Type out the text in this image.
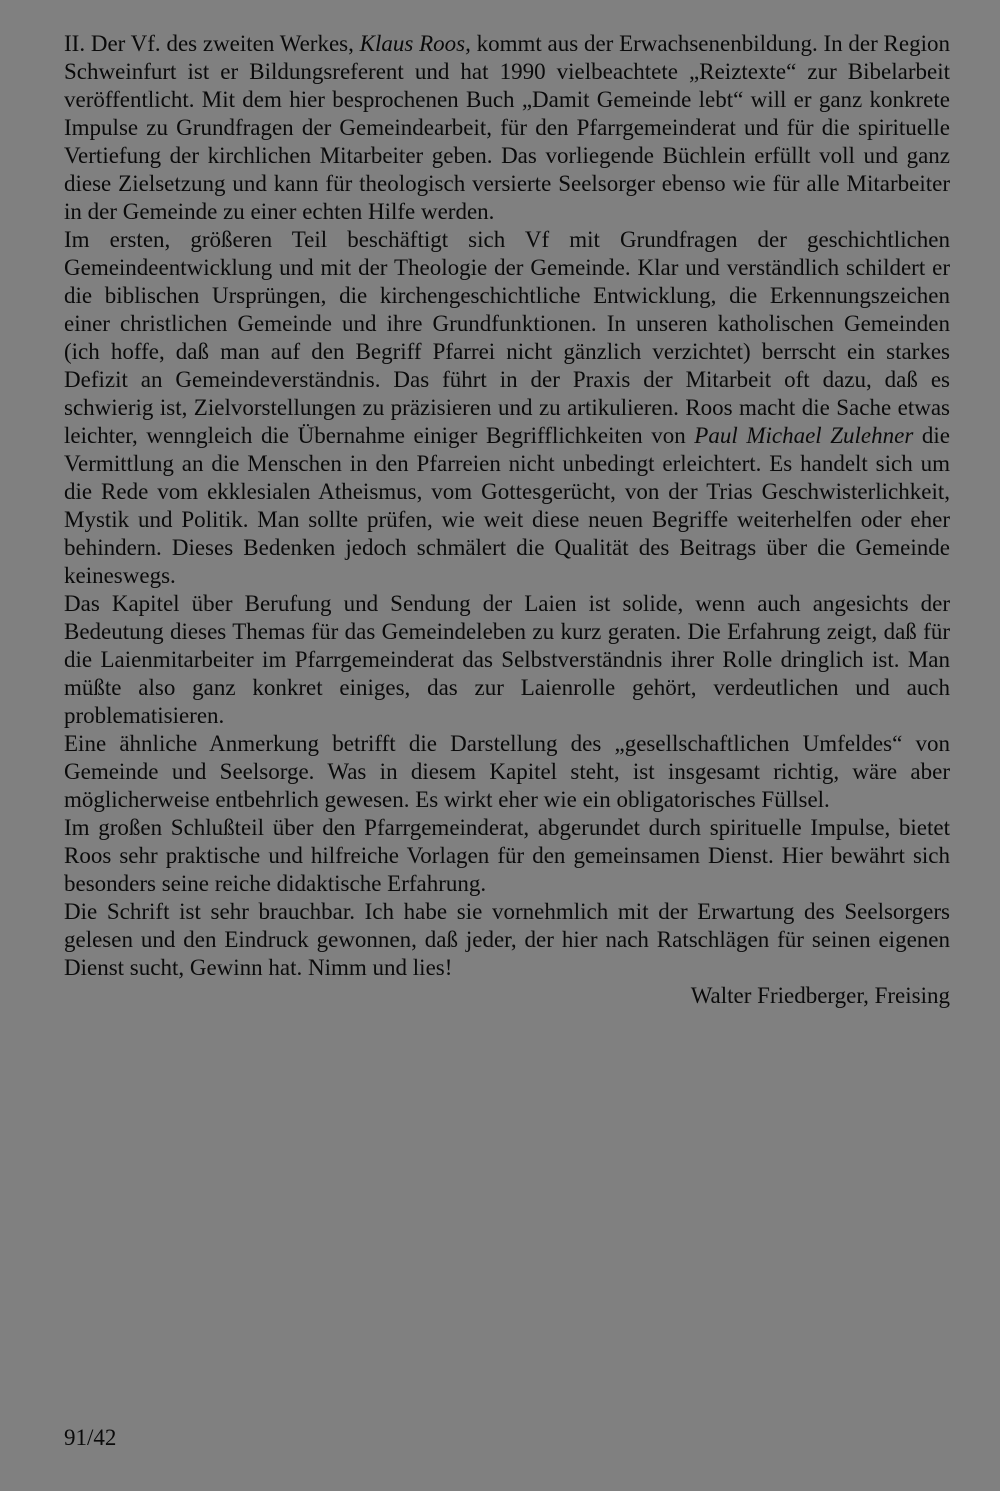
II. Der Vf. des zweiten Werkes, Klaus Roos, kommt aus der Erwachsenenbildung. In der Region Schweinfurt ist er Bildungsreferent und hat 1990 vielbeachtete „Reiztexte“ zur Bibelarbeit veröffentlicht. Mit dem hier besprochenen Buch „Damit Gemeinde lebt“ will er ganz konkrete Impulse zu Grundfragen der Gemeindearbeit, für den Pfarrgemeinderat und für die spirituelle Vertiefung der kirchlichen Mitarbeiter geben. Das vorliegende Büchlein erfüllt voll und ganz diese Zielsetzung und kann für theologisch versierte Seelsorger ebenso wie für alle Mitarbeiter in der Gemeinde zu einer echten Hilfe werden.

Im ersten, größeren Teil beschäftigt sich Vf mit Grundfragen der geschichtlichen Gemeindeentwicklung und mit der Theologie der Gemeinde. Klar und verständlich schildert er die biblischen Ursprüngen, die kirchengeschichtliche Entwicklung, die Erkennungszeichen einer christlichen Gemeinde und ihre Grundfunktionen. In unseren katholischen Gemeinden (ich hoffe, daß man auf den Begriff Pfarrei nicht gänzlich verzichtet) berrscht ein starkes Defizit an Gemeindeverständnis. Das führt in der Praxis der Mitarbeit oft dazu, daß es schwierig ist, Zielvorstellungen zu präzisieren und zu artikulieren. Roos macht die Sache etwas leichter, wenngleich die Übernahme einiger Begrifflichkeiten von Paul Michael Zulehner die Vermittlung an die Menschen in den Pfarreien nicht unbedingt erleichtert. Es handelt sich um die Rede vom ekklesialen Atheismus, vom Gottesgerücht, von der Trias Geschwisterlichkeit, Mystik und Politik. Man sollte prüfen, wie weit diese neuen Begriffe weiterhelfen oder eher behindern. Dieses Bedenken jedoch schmälert die Qualität des Beitrags über die Gemeinde keineswegs.

Das Kapitel über Berufung und Sendung der Laien ist solide, wenn auch angesichts der Bedeutung dieses Themas für das Gemeindeleben zu kurz geraten. Die Erfahrung zeigt, daß für die Laienmitarbeiter im Pfarrgemeinderat das Selbstverständnis ihrer Rolle dringlich ist. Man müßte also ganz konkret einiges, das zur Laienrolle gehört, verdeutlichen und auch problematisieren.

Eine ähnliche Anmerkung betrifft die Darstellung des „gesellschaftlichen Umfeldes“ von Gemeinde und Seelsorge. Was in diesem Kapitel steht, ist insgesamt richtig, wäre aber möglicherweise entbehrlich gewesen. Es wirkt eher wie ein obligatorisches Füllsel.

Im großen Schlußteil über den Pfarrgemeinderat, abgerundet durch spirituelle Impulse, bietet Roos sehr praktische und hilfreiche Vorlagen für den gemeinsamen Dienst. Hier bewährt sich besonders seine reiche didaktische Erfahrung.

Die Schrift ist sehr brauchbar. Ich habe sie vornehmlich mit der Erwartung des Seelsorgers gelesen und den Eindruck gewonnen, daß jeder, der hier nach Ratschlägen für seinen eigenen Dienst sucht, Gewinn hat. Nimm und lies!

Walter Friedberger, Freising

91/42
